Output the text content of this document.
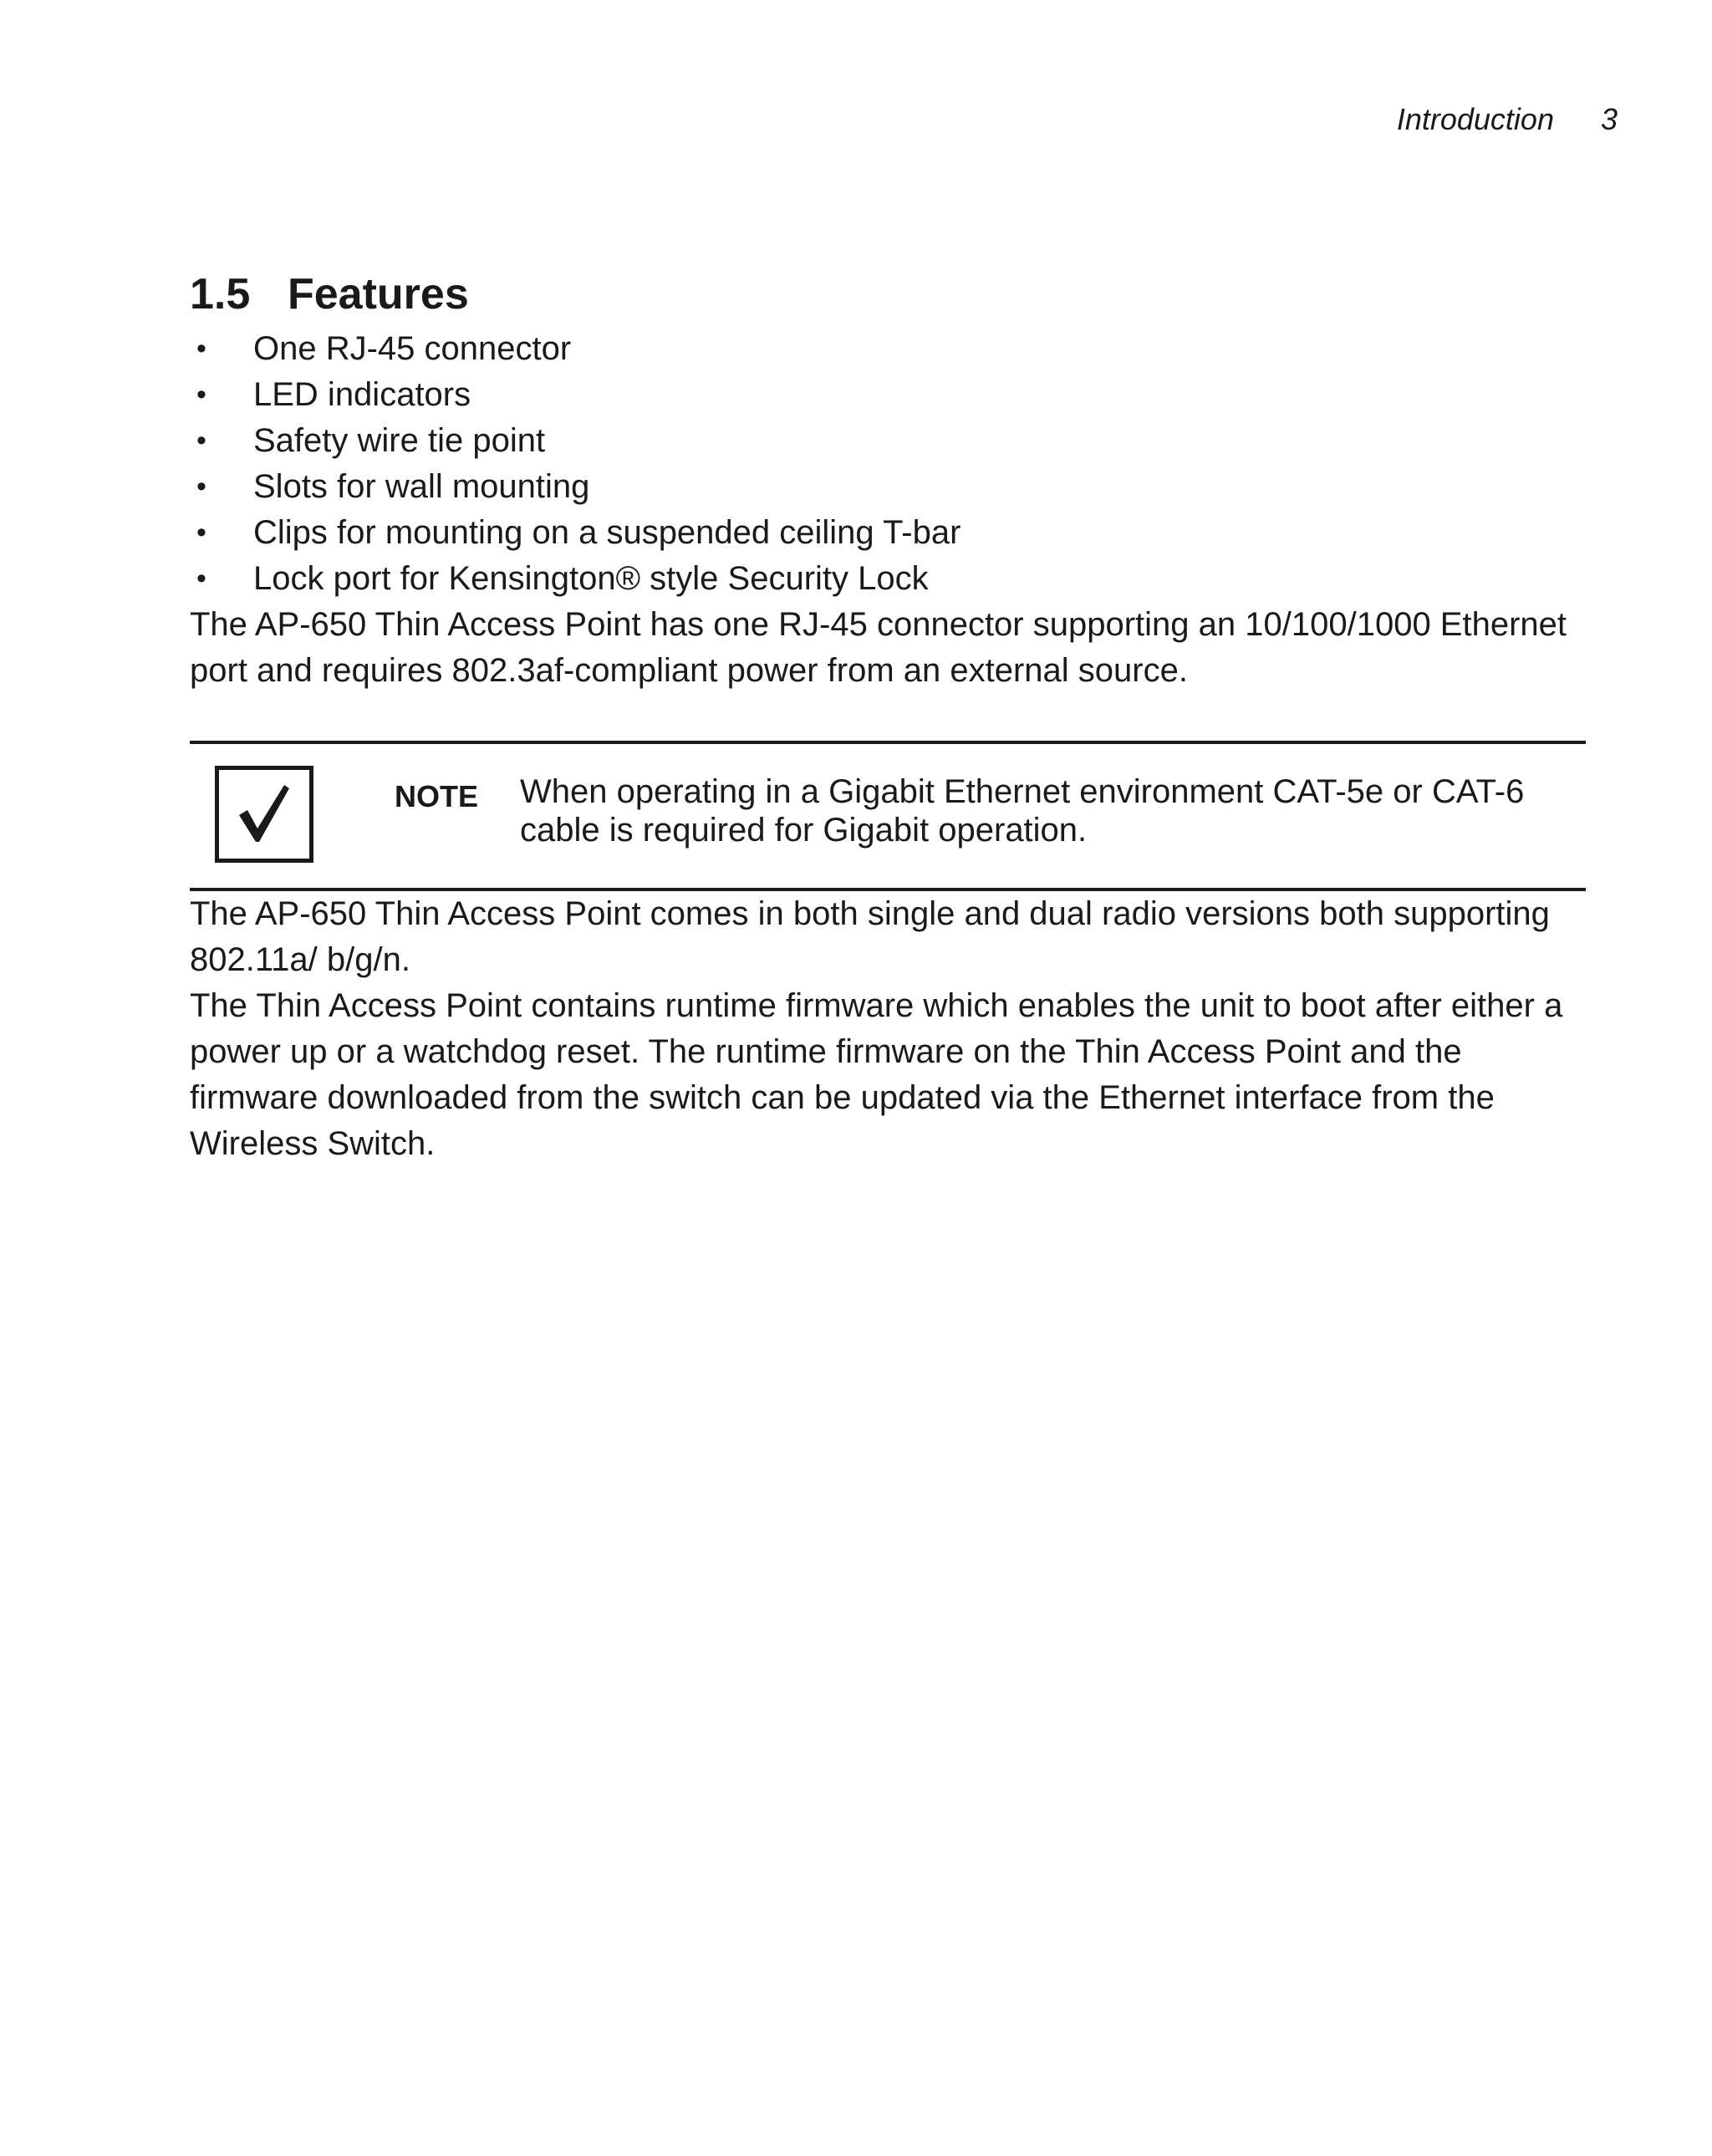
Introduction 3
1.5 Features
• One RJ-45 connector
• LED indicators
• Safety wire tie point
• Slots for wall mounting
• Clips for mounting on a suspended ceiling T-bar
• Lock port for Kensington® style Security Lock

The AP-650 Thin Access Point has one RJ-45 connector supporting an 10/100/1000 Ethernet port and requires 802.3af-compliant power from an external source.

NOTE When operating in a Gigabit Ethernet environment CAT-5e or CAT-6 cable is required for Gigabit operation.

The AP-650 Thin Access Point comes in both single and dual radio versions both supporting 802.11a/ b/g/n.

The Thin Access Point contains runtime firmware which enables the unit to boot after either a power up or a watchdog reset. The runtime firmware on the Thin Access Point and the firmware downloaded from the switch can be updated via the Ethernet interface from the Wireless Switch.
